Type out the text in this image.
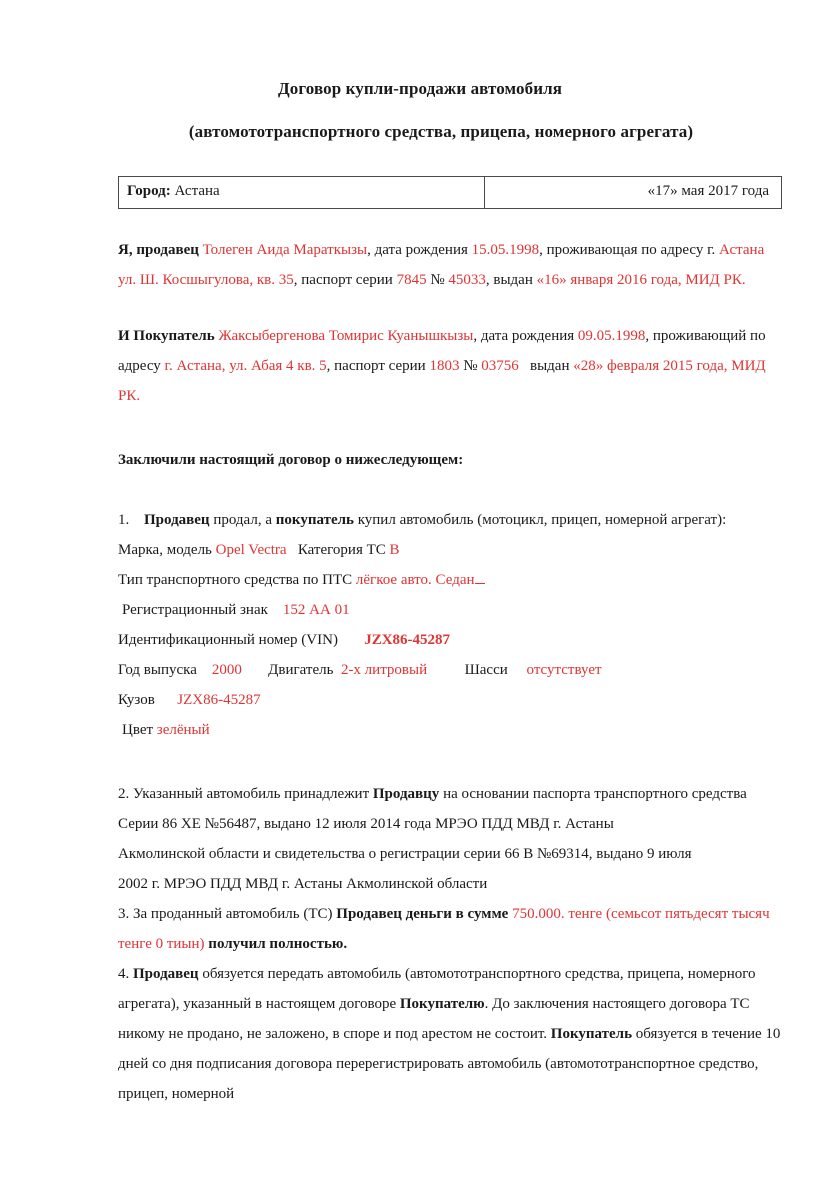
Договор купли-продажи автомобиля
(автомототранспортного средства, прицепа, номерного агрегата)
Город: Астана	«17» мая 2017 года

Я, продавец Толеген Аида Мараткызы, дата рождения 15.05.1998, проживающая по адресу г. Астана ул. Ш. Косшыгулова, кв. 35, паспорт серии 7845 № 45033, выдан «16» января 2016 года, МИД РК.

И Покупатель Жаксыбергенова Томирис Куанышкызы, дата рождения 09.05.1998, проживающий по адресу г. Астана, ул. Абая 4 кв. 5, паспорт серии 1803 № 03756 выдан «28» февраля 2015 года, МИД РК.

Заключили настоящий договор о нижеследующем:

1. Продавец продал, а покупатель купил автомобиль (мотоцикл, прицеп, номерной агрегат):
Марка, модель Opel Vectra Категория ТС B
Тип транспортного средства по ПТС лёгкое авто. Седан
Регистрационный знак 152 АА 01
Идентификационный номер (VIN) JZX86-45287
Год выпуска 2000 Двигатель 2-х литровый	Шасси отсутствует
Кузов JZX86-45287
Цвет зелёный

2. Указанный автомобиль принадлежит Продавцу на основании паспорта транспортного средства

Серии 86 ХЕ №56487, выдано 12 июля 2014 года МРЭО ПДД МВД г. Астаны

Акмолинской области и свидетельства о регистрации серии 66 В №69314, выдано 9 июля

2002 г. МРЭО ПДД МВД г. Астаны Акмолинской области

3. За проданный автомобиль (ТС) Продавец деньги в сумме 750.000. тенге (семьсот пятьдесят тысяч тенге 0 тиын) получил полностью.

4. Продавец обязуется передать автомобиль (автомототранспортного средства, прицепа, номерного агрегата), указанный в настоящем договоре Покупателю. До заключения настоящего договора ТС никому не продано, не заложено, в споре и под арестом не состоит. Покупатель обязуется в течение 10 дней со дня подписания договора перерегистрировать автомобиль (автомототранспортное средство, прицеп, номерной
